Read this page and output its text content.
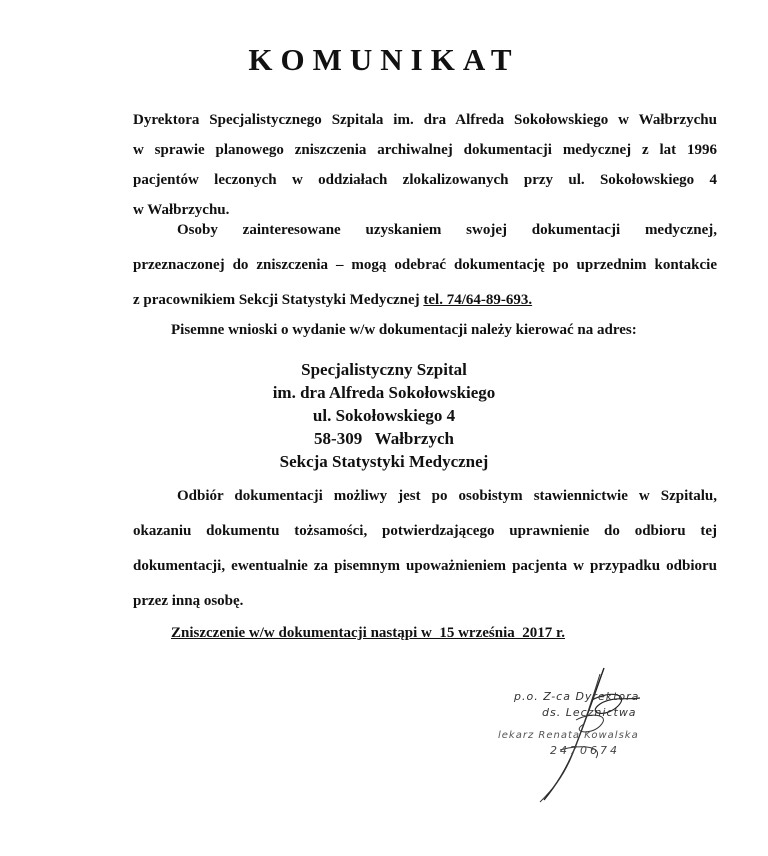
KOMUNIKAT
Dyrektora Specjalistycznego Szpitala im. dra Alfreda Sokołowskiego w Wałbrzychu
w sprawie planowego zniszczenia archiwalnej dokumentacji medycznej z lat 1996
pacjentów leczonych w oddziałach zlokalizowanych przy ul. Sokołowskiego 4
w Wałbrzychu.
Osoby zainteresowane uzyskaniem swojej dokumentacji medycznej,
przeznaczonej do zniszczenia – mogą odebrać dokumentację po uprzednim kontakcie
z pracownikiem Sekcji Statystyki Medycznej tel. 74/64-89-693.
Pisemne wnioski o wydanie w/w dokumentacji należy kierować na adres:
Specjalistyczny Szpital
im. dra Alfreda Sokołowskiego
ul. Sokołowskiego 4
58-309   Wałbrzych
Sekcja Statystyki Medycznej
Odbiór dokumentacji możliwy jest po osobistym stawiennictwie w Szpitalu,
okazaniu dokumentu tożsamości, potwierdzającego uprawnienie do odbioru tej
dokumentacji, ewentualnie za pisemnym upoważnieniem pacjenta w przypadku odbioru
przez inną osobę.
Zniszczenie w/w dokumentacji nastąpi w  15 września  2017 r.
p.o. Z-ca Dyrektora
ds. Lecznictwa
lekarz Renata Kowalska
2470674
